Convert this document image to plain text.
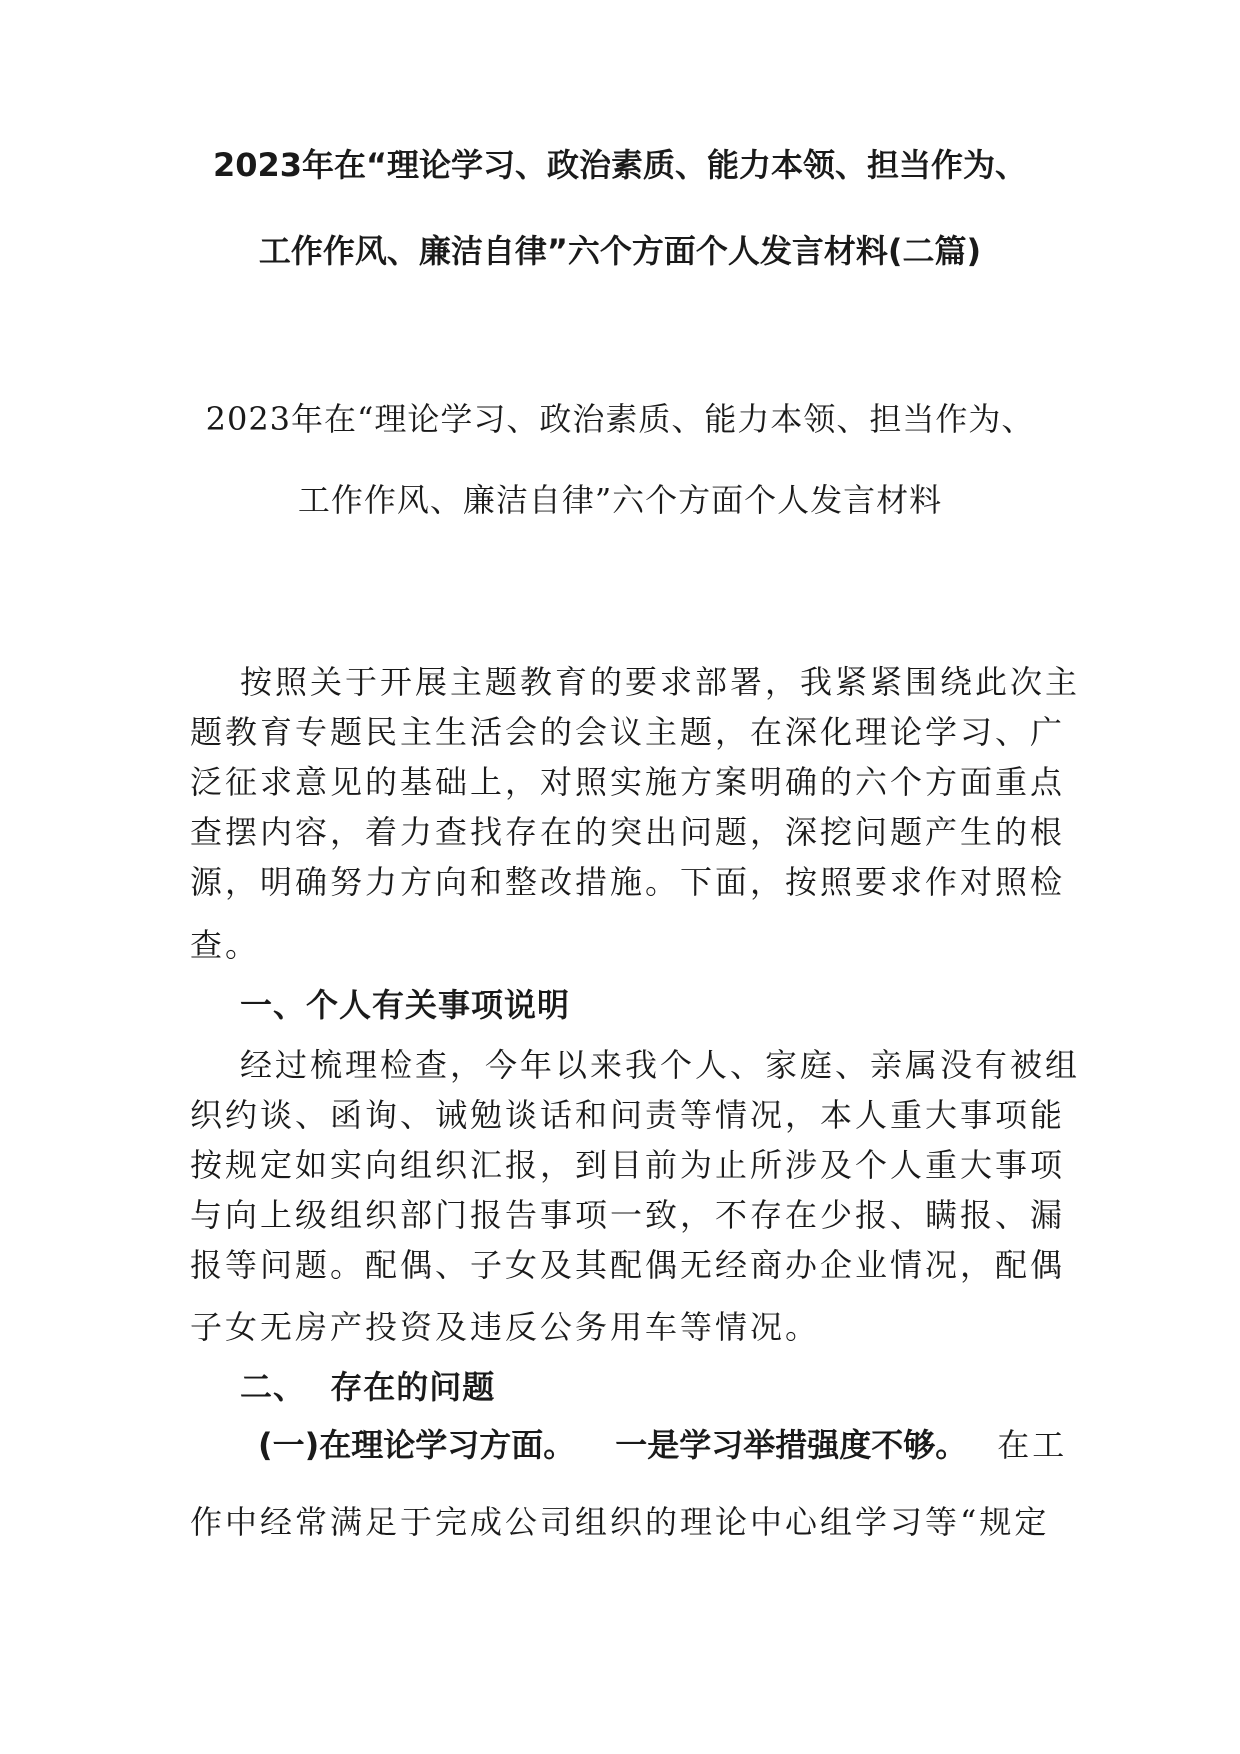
2023年在“理论学习、政治素质、能力本领、担当作为、
工作作风、廉洁自律”六个方面个人发言材料(二篇)
2023年在“理论学习、政治素质、能力本领、担当作为、
工作作风、廉洁自律”六个方面个人发言材料
按照关于开展主题教育的要求部署，我紧紧围绕此次主
题教育专题民主生活会的会议主题，在深化理论学习、广
泛征求意见的基础上，对照实施方案明确的六个方面重点
查摆内容，着力查找存在的突出问题，深挖问题产生的根
源，明确努力方向和整改措施。下面，按照要求作对照检
查。
一、个人有关事项说明
经过梳理检查，今年以来我个人、家庭、亲属没有被组
织约谈、函询、诫勉谈话和问责等情况，本人重大事项能
按规定如实向组织汇报，到目前为止所涉及个人重大事项
与向上级组织部门报告事项一致，不存在少报、瞒报、漏
报等问题。配偶、子女及其配偶无经商办企业情况，配偶
子女无房产投资及违反公务用车等情况。
二、  存在的问题
(一)在理论学习方面。 一是学习举措强度不够。 在工
作中经常满足于完成公司组织的理论中心组学习等“规定
